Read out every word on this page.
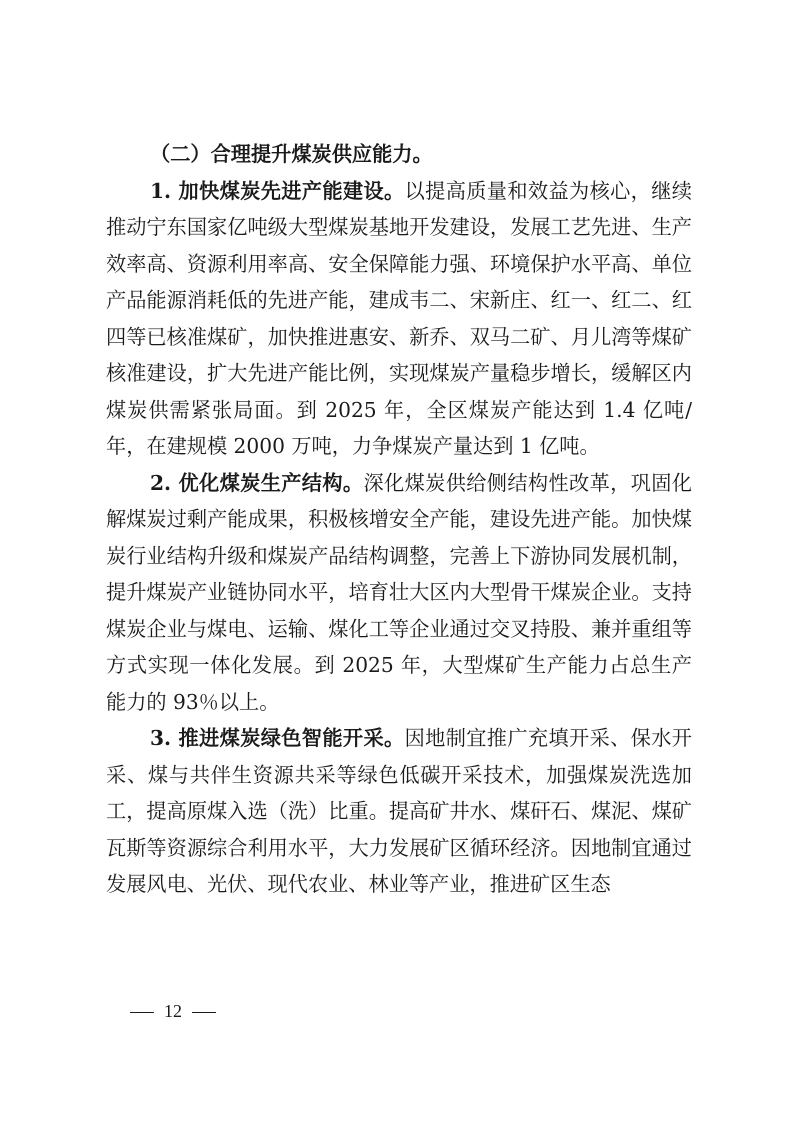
（二）合理提升煤炭供应能力。

1. 加快煤炭先进产能建设。以提高质量和效益为核心，继续推动宁东国家亿吨级大型煤炭基地开发建设，发展工艺先进、生产效率高、资源利用率高、安全保障能力强、环境保护水平高、单位产品能源消耗低的先进产能，建成韦二、宋新庄、红一、红二、红四等已核准煤矿，加快推进惠安、新乔、双马二矿、月儿湾等煤矿核准建设，扩大先进产能比例，实现煤炭产量稳步增长，缓解区内煤炭供需紧张局面。到 2025 年，全区煤炭产能达到 1.4 亿吨/年，在建规模 2000 万吨，力争煤炭产量达到 1 亿吨。

2. 优化煤炭生产结构。深化煤炭供给侧结构性改革，巩固化解煤炭过剩产能成果，积极核增安全产能，建设先进产能。加快煤炭行业结构升级和煤炭产品结构调整，完善上下游协同发展机制，提升煤炭产业链协同水平，培育壮大区内大型骨干煤炭企业。支持煤炭企业与煤电、运输、煤化工等企业通过交叉持股、兼并重组等方式实现一体化发展。到 2025 年，大型煤矿生产能力占总生产能力的 93％以上。

3. 推进煤炭绿色智能开采。因地制宜推广充填开采、保水开采、煤与共伴生资源共采等绿色低碳开采技术，加强煤炭洗选加工，提高原煤入选（洗）比重。提高矿井水、煤矸石、煤泥、煤矿瓦斯等资源综合利用水平，大力发展矿区循环经济。因地制宜通过发展风电、光伏、现代农业、林业等产业，推进矿区生态

12
